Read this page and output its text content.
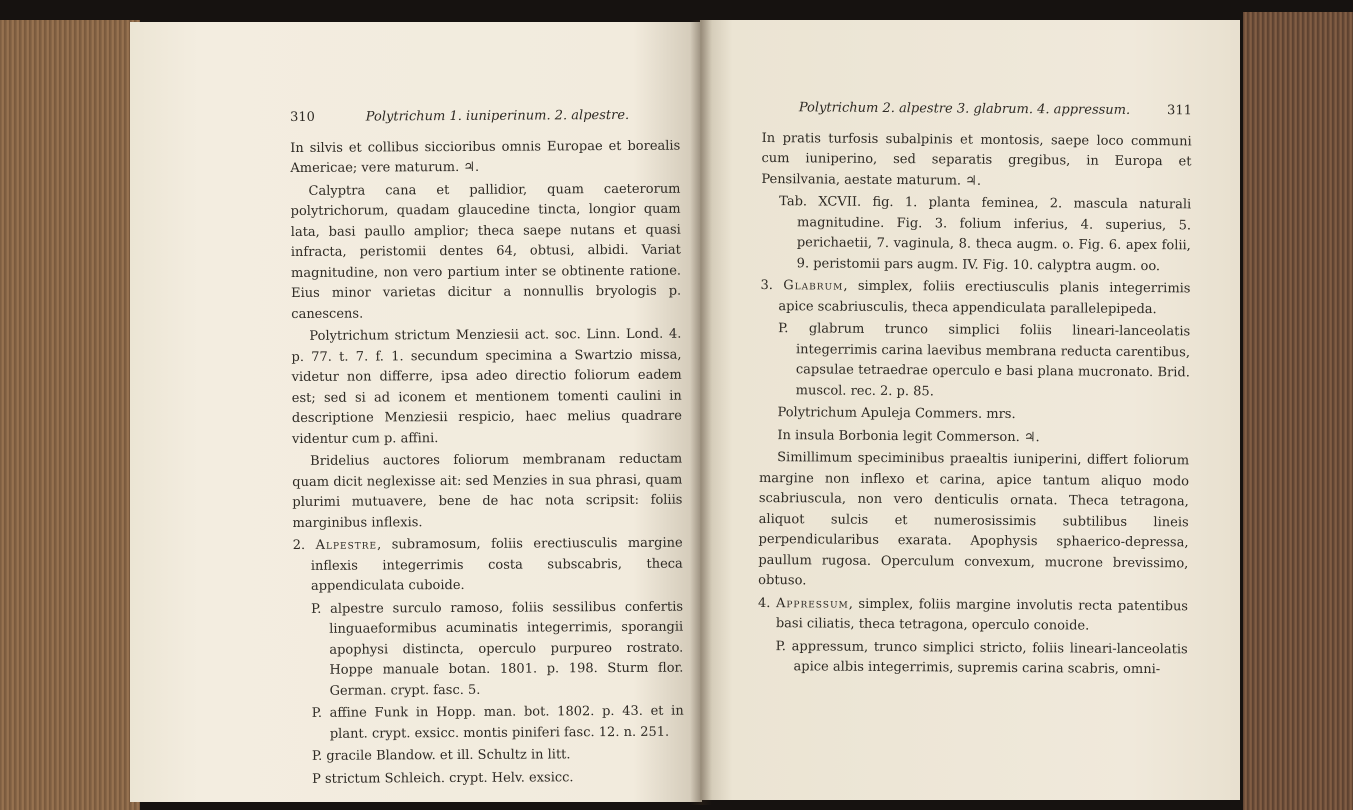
310	Polytrichum 1. iuniperinum. 2. alpestre.

In silvis et collibus siccioribus omnis Europae et borealis Americae; vere maturum. ♃.

Calyptra cana et pallidior, quam caeterorum polytrichorum, quadam glaucedine tincta, longior quam lata, basi paullo amplior; theca saepe nutans et quasi infracta, peristomii dentes 64, obtusi, albidi. Variat magnitudine, non vero partium inter se obtinente ratione. Eius minor varietas dicitur a nonnullis bryologis p. canescens.

Polytrichum strictum Menziesii act. soc. Linn. Lond. 4. p. 77. t. 7. f. 1. secundum specimina a Swartzio missa, videtur non differre, ipsa adeo directio foliorum eadem est; sed si ad iconem et mentionem tomenti caulini in descriptione Menziesii respicio, haec melius quadrare videntur cum p. affini.

Bridelius auctores foliorum membranam reductam quam dicit neglexisse ait: sed Menzies in sua phrasi, quam plurimi mutuavere, bene de hac nota scripsit: foliis marginibus inflexis.

2. Alpestre, subramosum, foliis erectiusculis margine inflexis integerrimis costa subscabris, theca appendiculata cuboide.

P. alpestre surculo ramoso, foliis sessilibus confertis linguaeformibus acuminatis integerrimis, sporangii apophysi distincta, operculo purpureo rostrato. Hoppe manuale botan. 1801. p. 198. Sturm flor. German. crypt. fasc. 5.

P. affine Funk in Hopp. man. bot. 1802. p. 43. et in plant. crypt. exsicc. montis piniferi fasc. 12. n. 251.

P. gracile Blandow. et ill. Schultz in litt.

P strictum Schleich. crypt. Helv. exsicc.

Polytrichum 2. alpestre 3. glabrum. 4. appressum.	311

In pratis turfosis subalpinis et montosis, saepe loco communi cum iuniperino, sed separatis gregibus, in Europa et Pensilvania, aestate maturum. ♃.

Tab. XCVII. fig. 1. planta feminea, 2. mascula naturali magnitudine. Fig. 3. folium inferius, 4. superius, 5. perichaetii, 7. vaginula, 8. theca augm. o. Fig. 6. apex folii, 9. peristomii pars augm. IV. Fig. 10. calyptra augm. oo.

3. Glabrum, simplex, foliis erectiusculis planis integerrimis apice scabriusculis, theca appendiculata parallelepipeda.

P. glabrum trunco simplici foliis lineari-lanceolatis integerrimis carina laevibus membrana reducta carentibus, capsulae tetraedrae operculo e basi plana mucronato. Brid. muscol. rec. 2. p. 85.

Polytrichum Apuleja Commers. mrs.

In insula Borbonia legit Commerson. ♃.

Simillimum speciminibus praealtis iuniperini, differt foliorum margine non inflexo et carina, apice tantum aliquo modo scabriuscula, non vero denticulis ornata. Theca tetragona, aliquot sulcis et numerosissimis subtilibus lineis perpendicularibus exarata. Apophysis sphaerico-depressa, paullum rugosa. Operculum convexum, mucrone brevissimo, obtuso.

4. Appressum, simplex, foliis margine involutis recta patentibus basi ciliatis, theca tetragona, operculo conoide.

P. appressum, trunco simplici stricto, foliis lineari-lanceolatis apice albis integerrimis, supremis carina scabris, omni-
